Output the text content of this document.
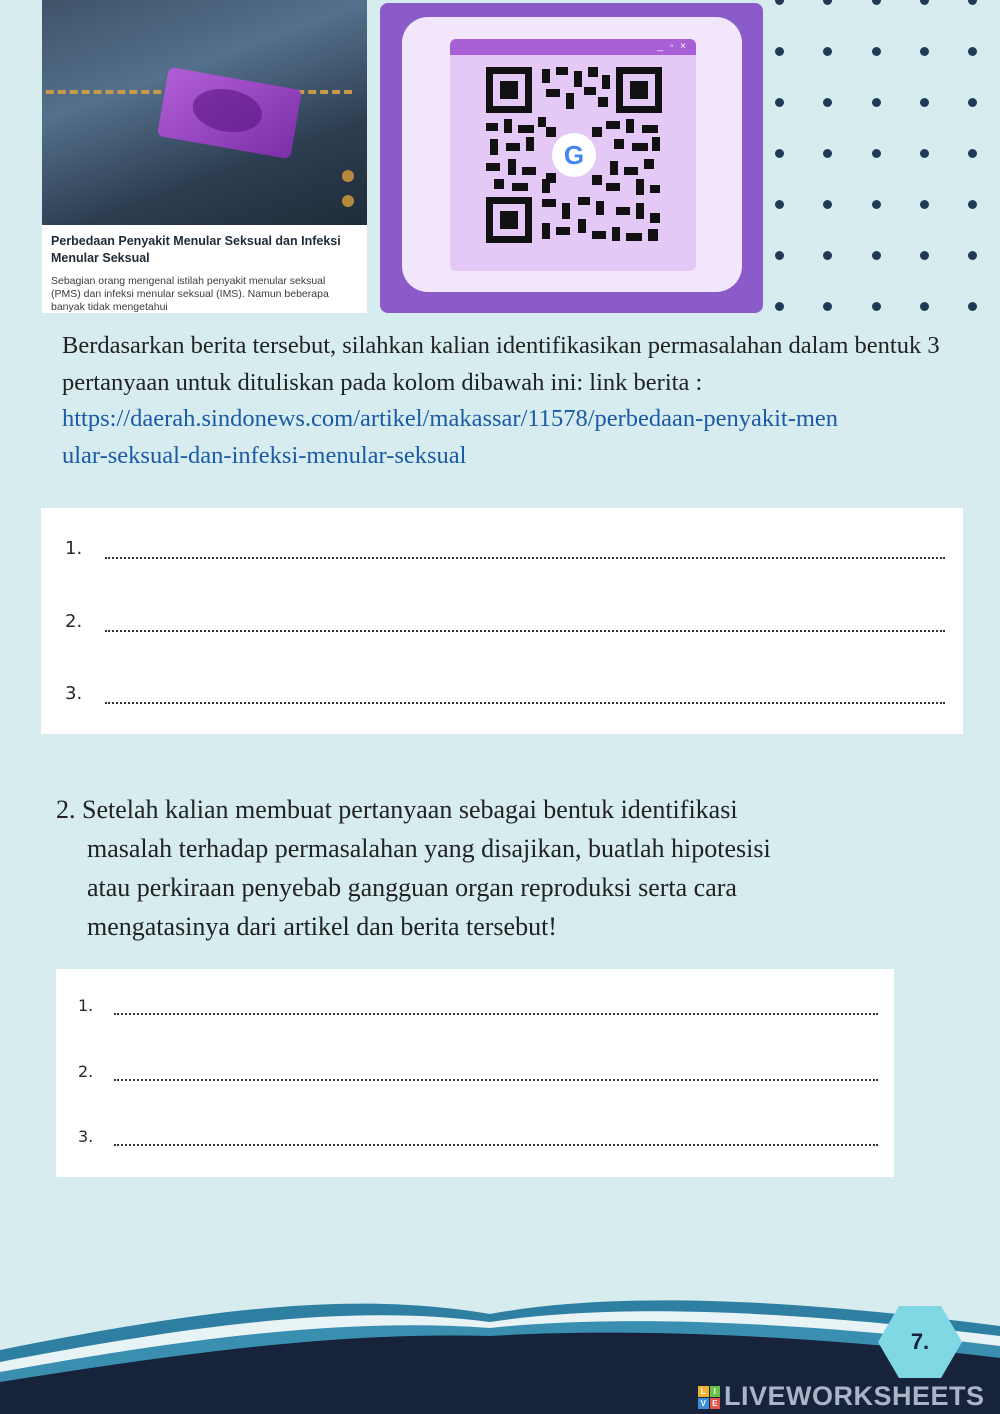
Perbedaan Penyakit Menular Seksual dan Infeksi Menular Seksual
Sebagian orang mengenal istilah penyakit menular seksual (PMS) dan infeksi menular seksual (IMS). Namun beberapa banyak tidak mengetahui
_ ▫ ×
G
Berdasarkan berita tersebut, silahkan kalian identifikasikan permasalahan dalam bentuk 3 pertanyaan untuk dituliskan pada kolom dibawah ini: link berita :

https://daerah.sindonews.com/artikel/makassar/11578/perbedaan-penyakit-menular-seksual-dan-infeksi-menular-seksual
1.
2.
3.
2. Setelah kalian membuat pertanyaan sebagai bentuk identifikasi
masalah terhadap permasalahan yang disajikan, buatlah hipotesisi
atau perkiraan penyebab gangguan organ reproduksi serta cara
mengatasinya dari artikel dan berita tersebut!
1.
2.
3.
7.
L I
V E LIVEWORKSHEETS
